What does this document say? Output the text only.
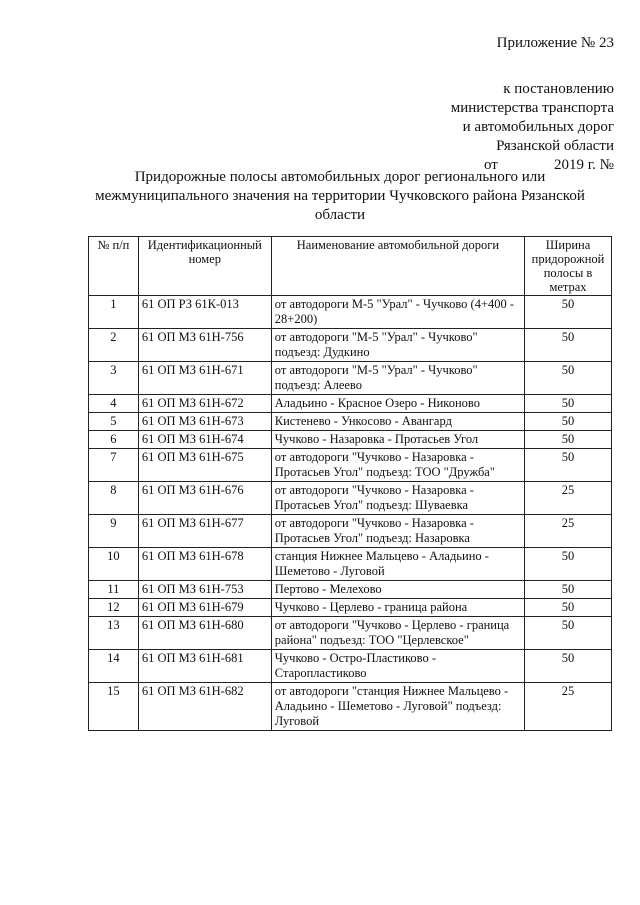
Приложение № 23
к постановлению
министерства транспорта
и автомобильных дорог
Рязанской области
от	2019 г. №
Придорожные полосы автомобильных дорог регионального или межмуниципального значения на территории Чучковского района Рязанской области
№ п/п	Идентификационный номер	Наименование автомобильной дороги	Ширина придорожной полосы в метрах
1	61 ОП РЗ 61К-013	от автодороги М-5 "Урал" - Чучково (4+400 - 28+200)	50
2	61 ОП МЗ 61Н-756	от автодороги "М-5 "Урал" - Чучково" подъезд: Дудкино	50
3	61 ОП МЗ 61Н-671	от автодороги "М-5 "Урал" - Чучково" подъезд: Алеево	50
4	61 ОП МЗ 61Н-672	Аладьино - Красное Озеро - Никоново	50
5	61 ОП МЗ 61Н-673	Кистенево - Ункосово - Авангард	50
6	61 ОП МЗ 61Н-674	Чучково - Назаровка - Протасьев Угол	50
7	61 ОП МЗ 61Н-675	от автодороги "Чучково - Назаровка - Протасьев Угол" подъезд: ТОО "Дружба"	50
8	61 ОП МЗ 61Н-676	от автодороги "Чучково - Назаровка - Протасьев Угол" подъезд: Шуваевка	25
9	61 ОП МЗ 61Н-677	от автодороги "Чучково - Назаровка - Протасьев Угол" подъезд: Назаровка	25
10	61 ОП МЗ 61Н-678	станция Нижнее Мальцево - Аладьино - Шеметово - Луговой	50
11	61 ОП МЗ 61Н-753	Пертово - Мелехово	50
12	61 ОП МЗ 61Н-679	Чучково - Церлево - граница района	50
13	61 ОП МЗ 61Н-680	от автодороги "Чучково - Церлево - граница района" подъезд: ТОО "Церлевское"	50
14	61 ОП МЗ 61Н-681	Чучково - Остро-Пластиково - Старопластиково	50
15	61 ОП МЗ 61Н-682	от автодороги "станция Нижнее Мальцево - Аладьино - Шеметово - Луговой" подъезд: Луговой	25
